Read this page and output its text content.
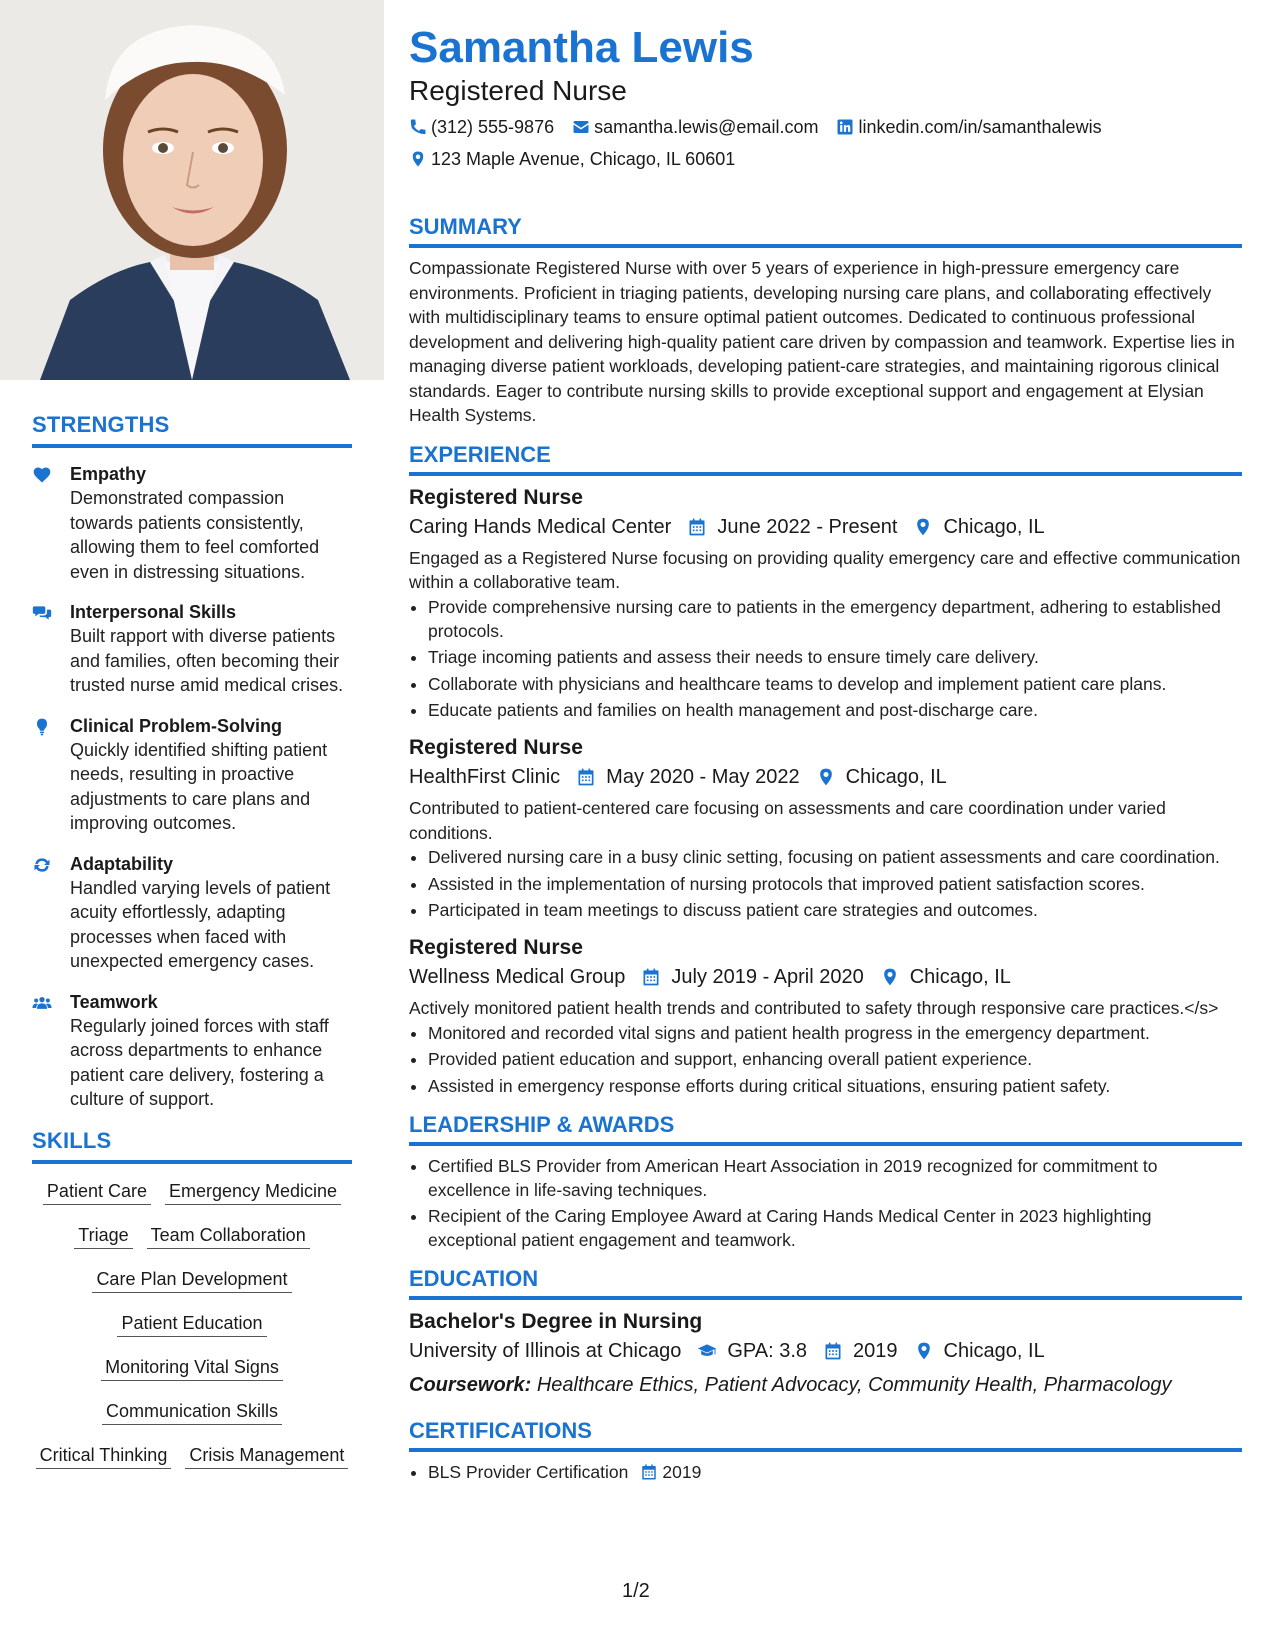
STRENGTHS
Empathy
Demonstrated compassion towards patients consistently, allowing them to feel comforted even in distressing situations.
Interpersonal Skills
Built rapport with diverse patients and families, often becoming their trusted nurse amid medical crises.
Clinical Problem-Solving
Quickly identified shifting patient needs, resulting in proactive adjustments to care plans and improving outcomes.
Adaptability
Handled varying levels of patient acuity effortlessly, adapting processes when faced with unexpected emergency cases.
Teamwork
Regularly joined forces with staff across departments to enhance patient care delivery, fostering a culture of support.
SKILLS
Patient Care Emergency Medicine
Triage Team Collaboration
Care Plan Development
Patient Education
Monitoring Vital Signs
Communication Skills
Critical Thinking Crisis Management
Samantha Lewis
Registered Nurse
(312) 555-9876 samantha.lewis@email.com linkedin.com/in/samanthalewis
123 Maple Avenue, Chicago, IL 60601
SUMMARY
Compassionate Registered Nurse with over 5 years of experience in high-pressure emergency care environments. Proficient in triaging patients, developing nursing care plans, and collaborating effectively with multidisciplinary teams to ensure optimal patient outcomes. Dedicated to continuous professional development and delivering high-quality patient care driven by compassion and teamwork. Expertise lies in managing diverse patient workloads, developing patient-care strategies, and maintaining rigorous clinical standards. Eager to contribute nursing skills to provide exceptional support and engagement at Elysian Health Systems.
EXPERIENCE
Registered Nurse
Caring Hands Medical Center June 2022 - Present Chicago, IL
Engaged as a Registered Nurse focusing on providing quality emergency care and effective communication within a collaborative team.
• Provide comprehensive nursing care to patients in the emergency department, adhering to established protocols.
• Triage incoming patients and assess their needs to ensure timely care delivery.
• Collaborate with physicians and healthcare teams to develop and implement patient care plans.
• Educate patients and families on health management and post-discharge care.
Registered Nurse
HealthFirst Clinic May 2020 - May 2022 Chicago, IL
Contributed to patient-centered care focusing on assessments and care coordination under varied conditions.
• Delivered nursing care in a busy clinic setting, focusing on patient assessments and care coordination.
• Assisted in the implementation of nursing protocols that improved patient satisfaction scores.
• Participated in team meetings to discuss patient care strategies and outcomes.
Registered Nurse
Wellness Medical Group July 2019 - April 2020 Chicago, IL
Actively monitored patient health trends and contributed to safety through responsive care practices.</s>
• Monitored and recorded vital signs and patient health progress in the emergency department.
• Provided patient education and support, enhancing overall patient experience.
• Assisted in emergency response efforts during critical situations, ensuring patient safety.
LEADERSHIP & AWARDS
• Certified BLS Provider from American Heart Association in 2019 recognized for commitment to excellence in life-saving techniques.
• Recipient of the Caring Employee Award at Caring Hands Medical Center in 2023 highlighting exceptional patient engagement and teamwork.
EDUCATION
Bachelor's Degree in Nursing
University of Illinois at Chicago GPA: 3.8 2019 Chicago, IL
Coursework: Healthcare Ethics, Patient Advocacy, Community Health, Pharmacology
CERTIFICATIONS
• BLS Provider Certification 2019
1/2
